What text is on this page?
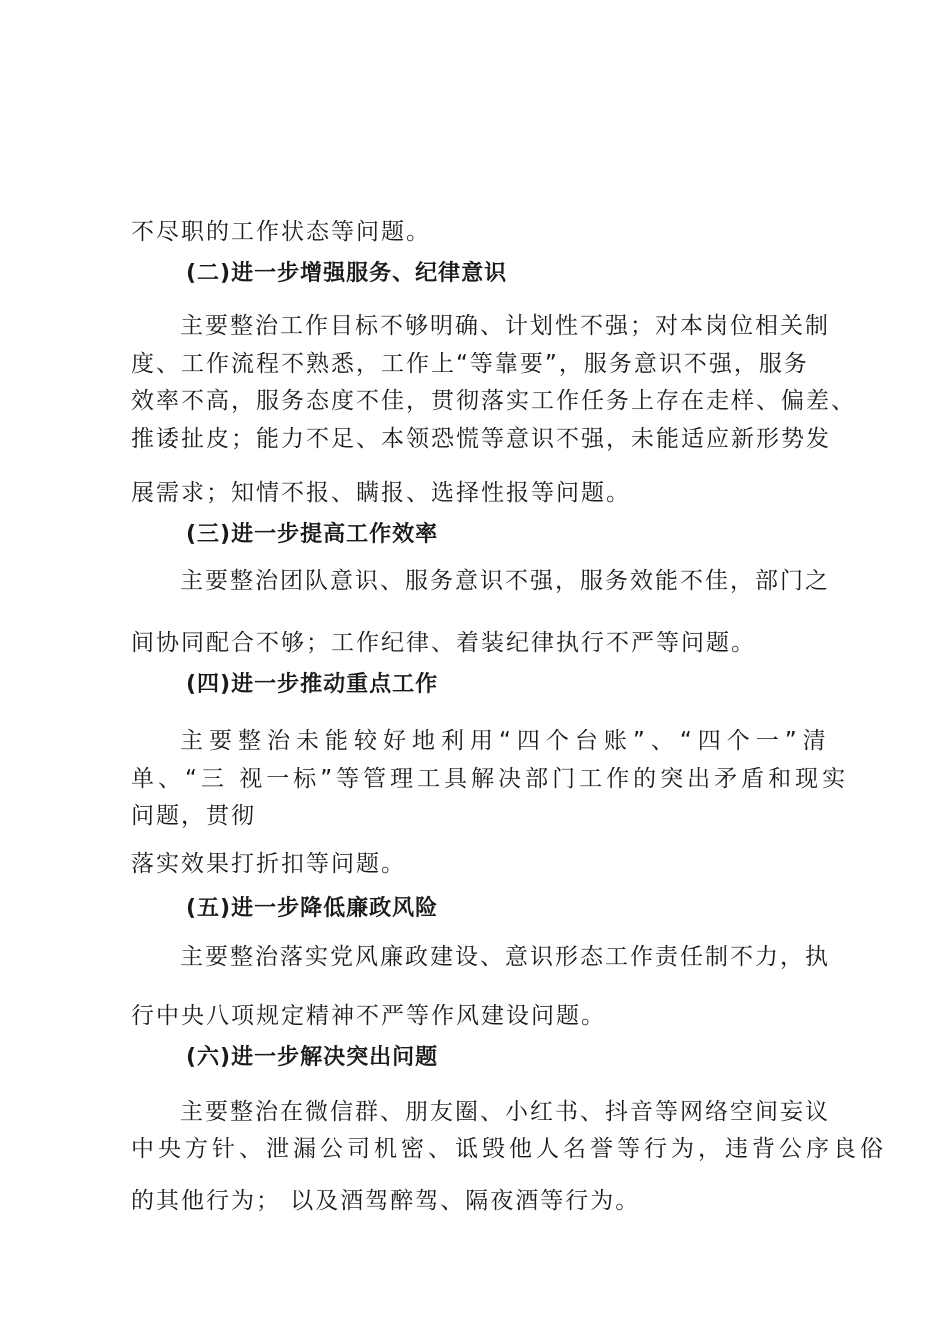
不尽职的工作状态等问题。
(二)进一步增强服务、纪律意识
主要整治工作目标不够明确、计划性不强；对本岗位相关制
度、工作流程不熟悉，工作上“等靠要”，服务意识不强，服务
效率不高，服务态度不佳，贯彻落实工作任务上存在走样、偏差、
推诿扯皮；能力不足、本领恐慌等意识不强，未能适应新形势发
展需求；知情不报、瞒报、选择性报等问题。
(三)进一步提高工作效率
主要整治团队意识、服务意识不强，服务效能不佳，部门之
间协同配合不够；工作纪律、着装纪律执行不严等问题。
(四)进一步推动重点工作
主要整治未能较好地利用“四个台账”、“四个一”清
单、“三 视一标”等管理工具解决部门工作的突出矛盾和现实
问题，贯彻
落实效果打折扣等问题。
(五)进一步降低廉政风险
主要整治落实党风廉政建设、意识形态工作责任制不力，执
行中央八项规定精神不严等作风建设问题。
(六)进一步解决突出问题
主要整治在微信群、朋友圈、小红书、抖音等网络空间妄议
中央方针、泄漏公司机密、诋毁他人名誉等行为，违背公序良俗
的其他行为； 以及酒驾醉驾、隔夜酒等行为。
